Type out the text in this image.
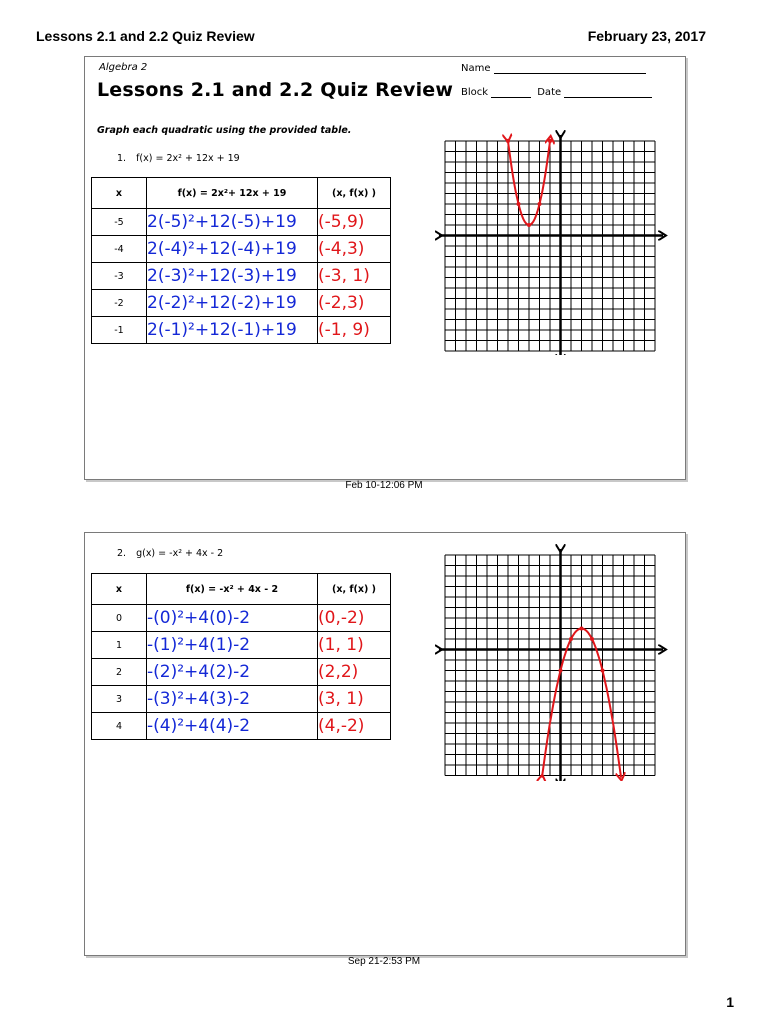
Lessons 2.1 and 2.2 Quiz Review	February 23, 2017
Algebra 2	Name
Block	Date
Lessons 2.1 and 2.2 Quiz Review
Graph each quadratic using the provided table.
1. f(x) = 2x² + 12x + 19
x	f(x) = 2x²+ 12x + 19	(x, f(x) )
-5	2(-5)²+12(-5)+19	(-5,9)
-4	2(-4)²+12(-4)+19	(-4,3)
-3	2(-3)²+12(-3)+19	(-3, 1)
-2	2(-2)²+12(-2)+19	(-2,3)
-1	2(-1)²+12(-1)+19	(-1, 9)
Feb 10-12:06 PM
2. g(x) = -x² + 4x - 2
x	f(x) = -x² + 4x - 2	(x, f(x) )
0	-(0)²+4(0)-2	(0,-2)
1	-(1)²+4(1)-2	(1, 1)
2	-(2)²+4(2)-2	(2,2)
3	-(3)²+4(3)-2	(3, 1)
4	-(4)²+4(4)-2	(4,-2)
Sep 21-2:53 PM
1
